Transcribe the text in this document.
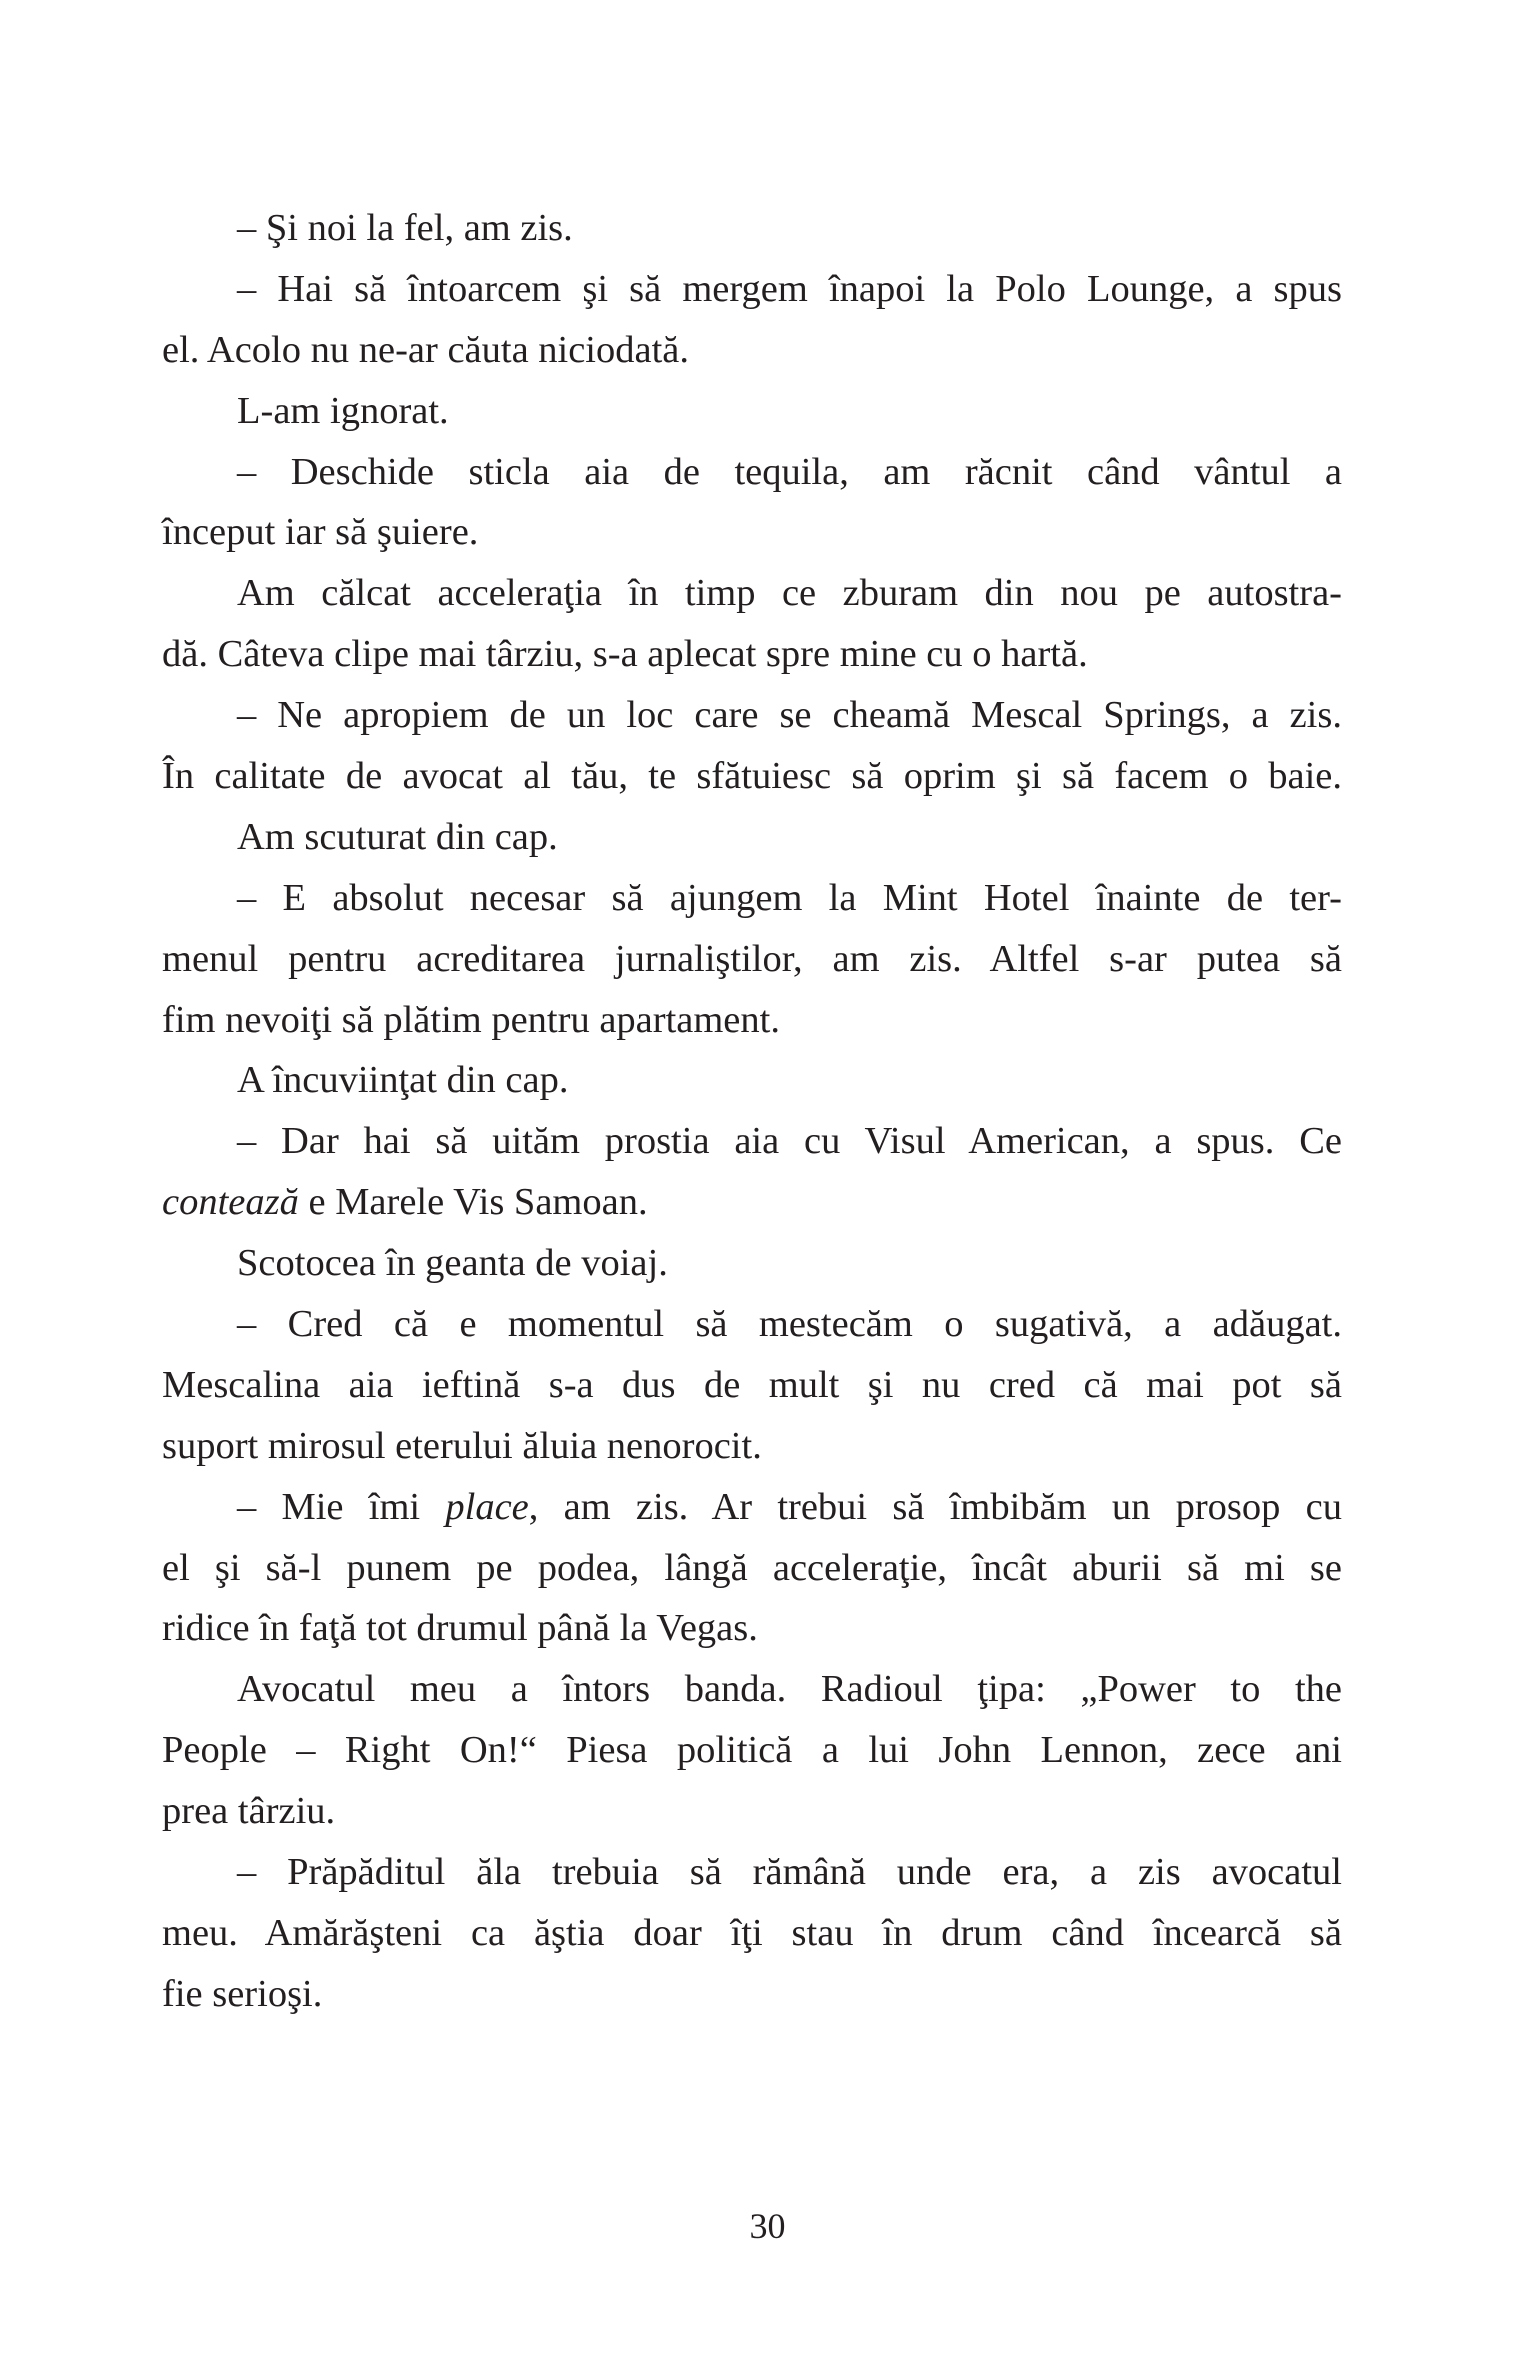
– Şi noi la fel, am zis.
– Hai să întoarcem şi să mergem înapoi la Polo Lounge, a spus
el. Acolo nu ne-ar căuta niciodată.
L-am ignorat.
– Deschide sticla aia de tequila, am răcnit când vântul a
început iar să şuiere.
Am călcat acceleraţia în timp ce zburam din nou pe autostra-
dă. Câteva clipe mai târziu, s-a aplecat spre mine cu o hartă.
– Ne apropiem de un loc care se cheamă Mescal Springs, a zis.
În calitate de avocat al tău, te sfătuiesc să oprim şi să facem o baie.
Am scuturat din cap.
– E absolut necesar să ajungem la Mint Hotel înainte de ter-
menul pentru acreditarea jurnaliştilor, am zis. Altfel s-ar putea să
fim nevoiţi să plătim pentru apartament.
A încuviinţat din cap.
– Dar hai să uităm prostia aia cu Visul American, a spus. Ce
contează e Marele Vis Samoan.
Scotocea în geanta de voiaj.
– Cred că e momentul să mestecăm o sugativă, a adăugat.
Mescalina aia ieftină s-a dus de mult şi nu cred că mai pot să
suport mirosul eterului ăluia nenorocit.
– Mie îmi place, am zis. Ar trebui să îmbibăm un prosop cu
el şi să-l punem pe podea, lângă acceleraţie, încât aburii să mi se
ridice în faţă tot drumul până la Vegas.
Avocatul meu a întors banda. Radioul ţipa: „Power to the
People – Right On!“ Piesa politică a lui John Lennon, zece ani
prea târziu.
– Prăpăditul ăla trebuia să rămână unde era, a zis avocatul
meu. Amărăşteni ca ăştia doar îţi stau în drum când încearcă să
fie serioşi.
30
